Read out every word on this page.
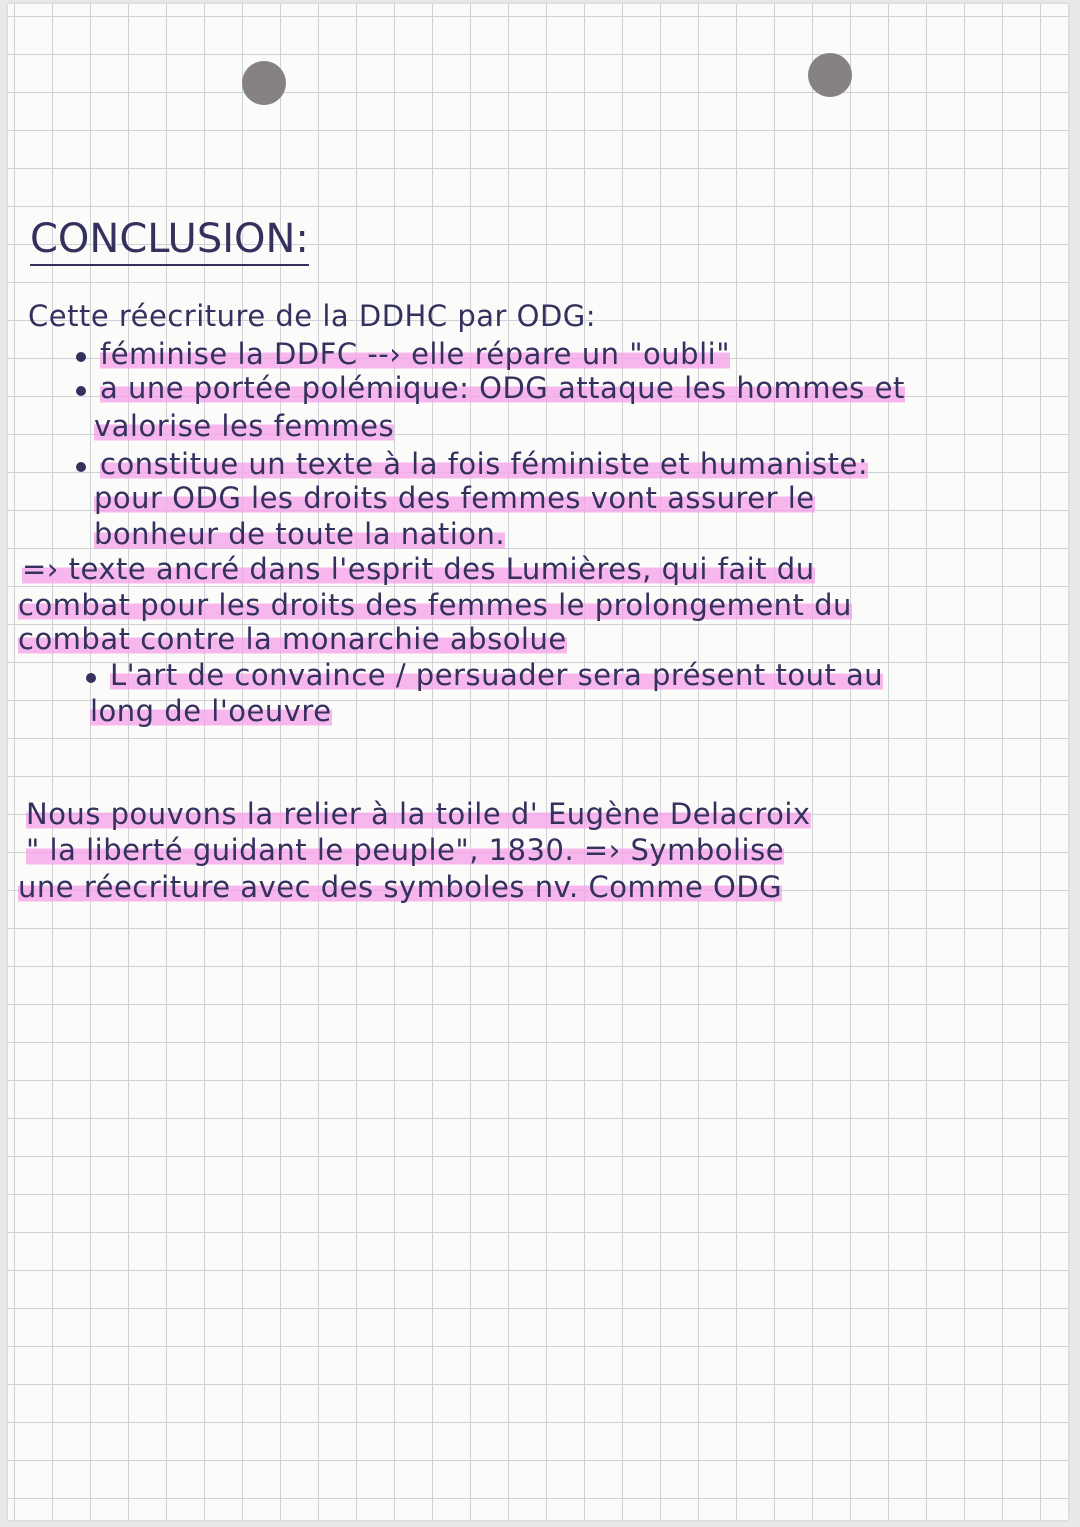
CONCLUSION:
Cette réecriture de la DDHC par ODG:
féminise la DDFC --› elle répare un "oubli"
a une portée polémique: ODG attaque les hommes et
valorise les femmes
constitue un texte à la fois féministe et humaniste:
pour ODG les droits des femmes vont assurer le
bonheur de toute la nation.
=› texte ancré dans l'esprit des Lumières, qui fait du
combat pour les droits des femmes le prolongement du
combat contre la monarchie absolue
L'art de convaince / persuader sera présent tout au
long de l'oeuvre
Nous pouvons la relier à la toile d' Eugène Delacroix
" la liberté guidant le peuple", 1830. =› Symbolise
une réecriture avec des symboles nv. Comme ODG
